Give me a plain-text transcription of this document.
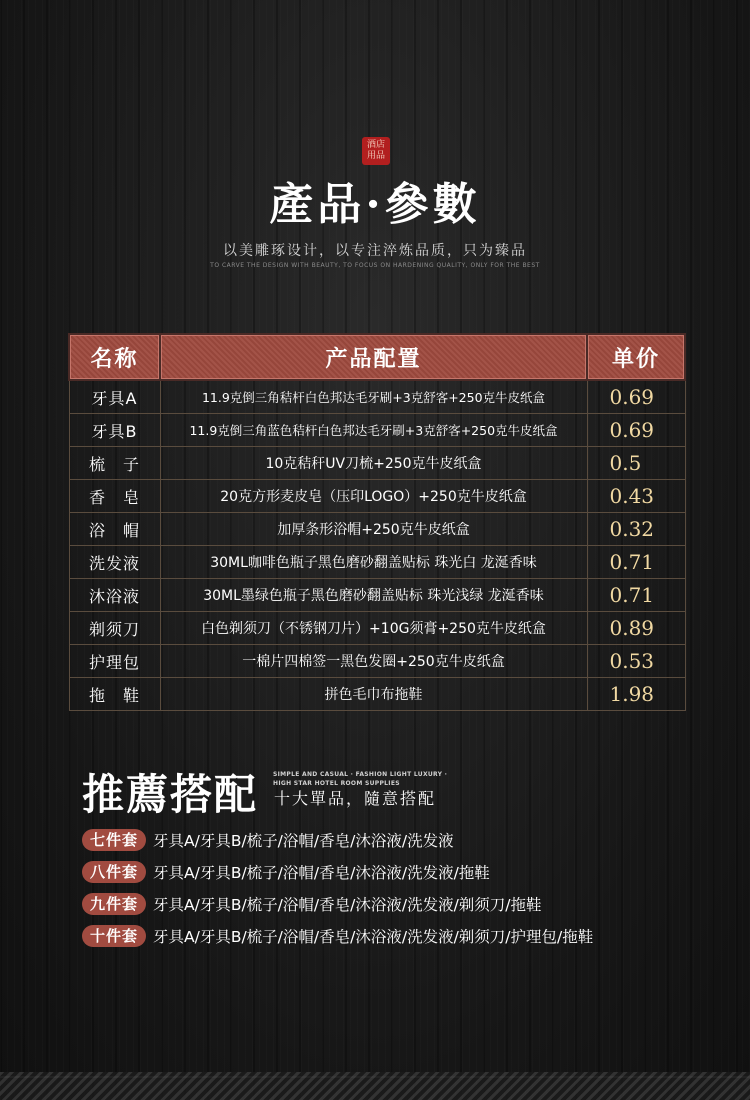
酒店
用品
產品·參數
以美雕琢设计，以专注淬炼品质，只为臻品
TO CARVE THE DESIGN WITH BEAUTY, TO FOCUS ON HARDENING QUALITY, ONLY FOR THE BEST
名称	产品配置	单价
牙具A	11.9克倒三角秸杆白色邦达毛牙刷+3克舒客+250克牛皮纸盒	0.69
牙具B	11.9克倒三角蓝色秸杆白色邦达毛牙刷+3克舒客+250克牛皮纸盒	0.69
梳　子	10克秸秆UV刀梳+250克牛皮纸盒	0.5
香　皂	20克方形麦皮皂（压印LOGO）+250克牛皮纸盒	0.43
浴　帽	加厚条形浴帽+250克牛皮纸盒	0.32
洗发液	30ML咖啡色瓶子黑色磨砂翻盖贴标 珠光白 龙涎香味	0.71
沐浴液	30ML墨绿色瓶子黑色磨砂翻盖贴标 珠光浅绿 龙涎香味	0.71
剃须刀	白色剃须刀（不锈钢刀片）+10G须膏+250克牛皮纸盒	0.89
护理包	一棉片四棉签一黑色发圈+250克牛皮纸盒	0.53
拖　鞋	拼色毛巾布拖鞋	1.98
推薦搭配 SIMPLE AND CASUAL · FASHION LIGHT LUXURY ·
HIGH STAR HOTEL ROOM SUPPLIES
十大單品，隨意搭配
七件套 牙具A/牙具B/梳子/浴帽/香皂/沐浴液/洗发液
八件套 牙具A/牙具B/梳子/浴帽/香皂/沐浴液/洗发液/拖鞋
九件套 牙具A/牙具B/梳子/浴帽/香皂/沐浴液/洗发液/剃须刀/拖鞋
十件套 牙具A/牙具B/梳子/浴帽/香皂/沐浴液/洗发液/剃须刀/护理包/拖鞋
